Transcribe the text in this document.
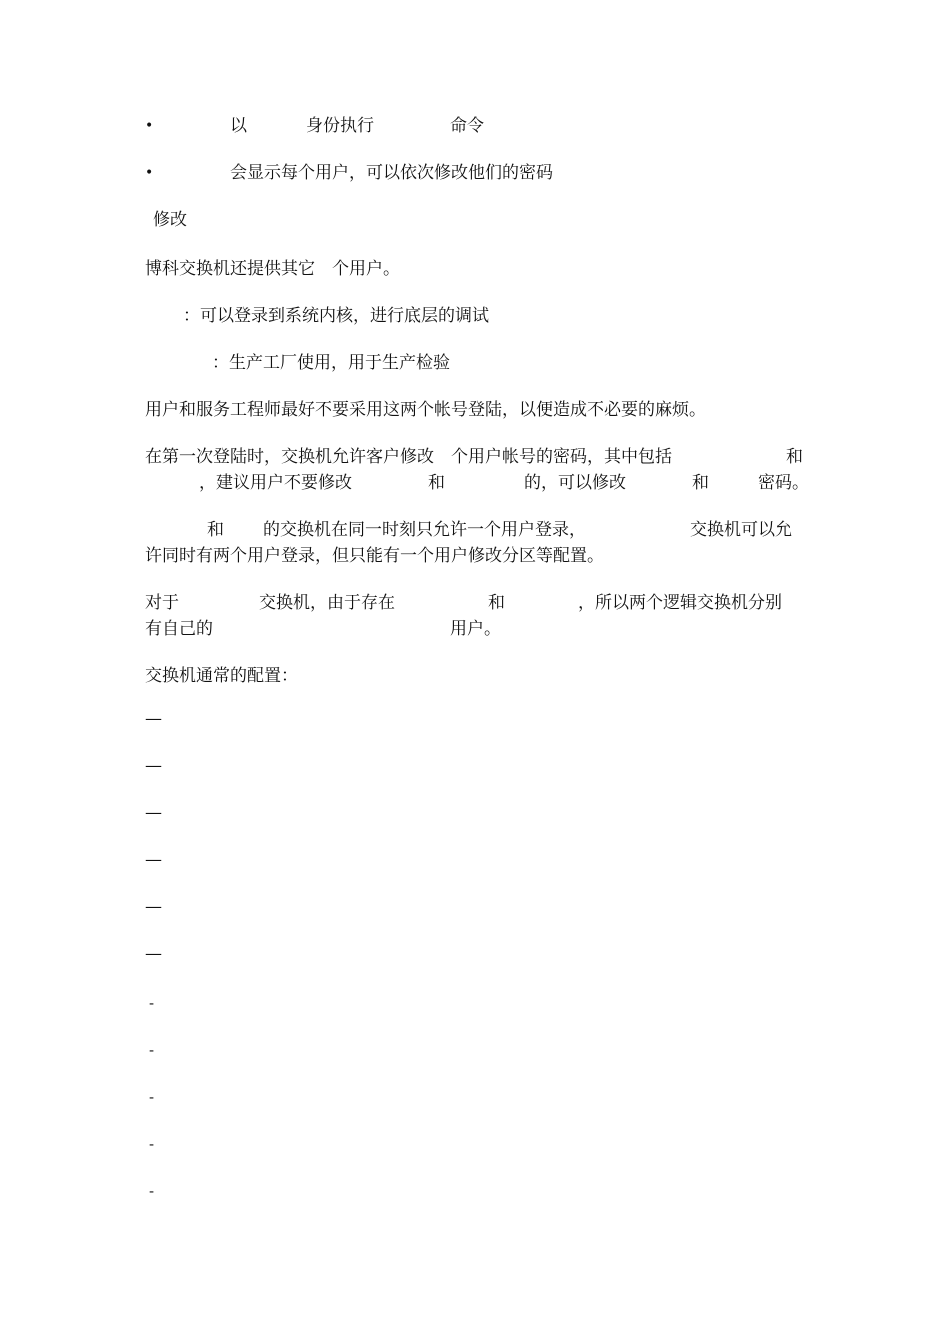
•	以	身份执行	命令
•	会显示每个用户，可以依次修改他们的密码
修改
博科交换机还提供其它　个用户。
：可以登录到系统内核，进行底层的调试
：生产工厂使用，用于生产检验
用户和服务工程师最好不要采用这两个帐号登陆，以便造成不必要的麻烦。
在第一次登陆时，交换机允许客户修改　个用户帐号的密码，其中包括	和
，建议用户不要修改	和	的，可以修改	和	密码。
和 的交换机在同一时刻只允许一个用户登录，	交换机可以允
许同时有两个用户登录，但只能有一个用户修改分区等配置。
对于	交换机，由于存在	和	，所以两个逻辑交换机分别
有自己的	用户。
交换机通常的配置：
—
—
—
—
—
—
-
-
-
-
-
